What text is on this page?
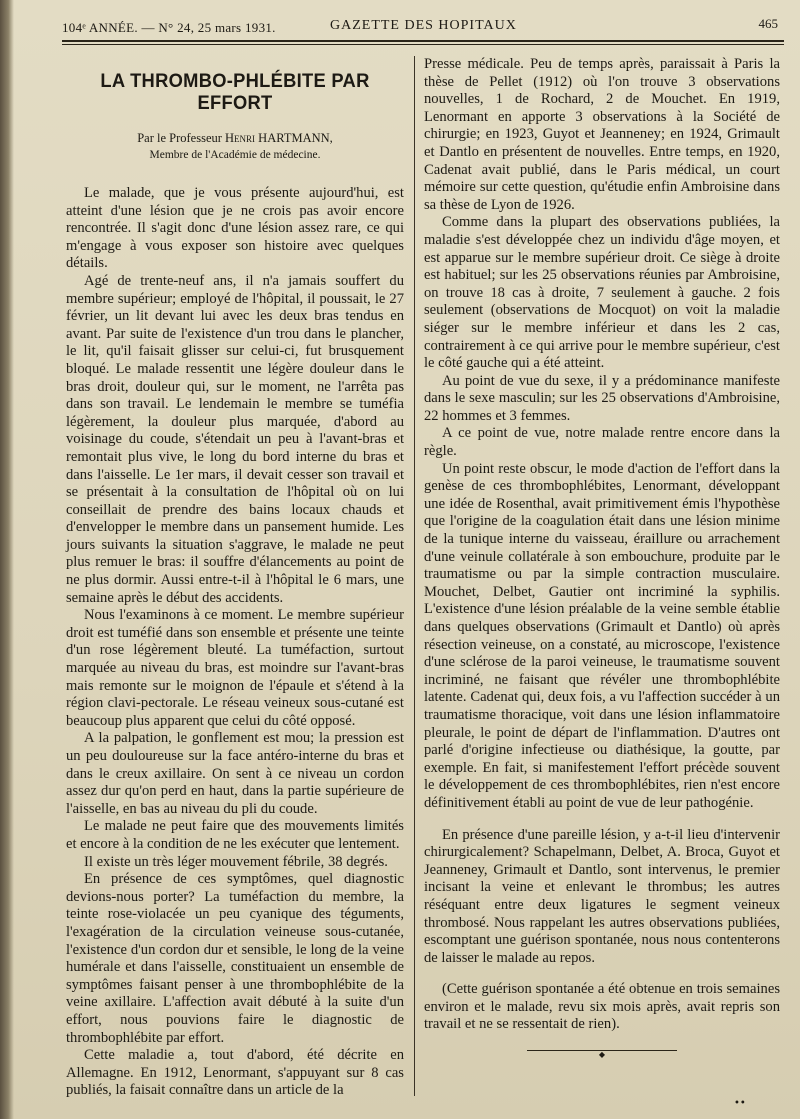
104ᵉ ANNÉE. — N° 24, 25 mars 1931.	GAZETTE DES HOPITAUX	465
LA THROMBO-PHLÉBITE PAR EFFORT

Par le Professeur Henri HARTMANN,

Membre de l'Académie de médecine.

Le malade, que je vous présente aujourd'hui, est atteint d'une lésion que je ne crois pas avoir encore rencontrée. Il s'agit donc d'une lésion assez rare, ce qui m'engage à vous exposer son histoire avec quelques détails.

Agé de trente-neuf ans, il n'a jamais souffert du membre supérieur; employé de l'hôpital, il poussait, le 27 février, un lit devant lui avec les deux bras tendus en avant. Par suite de l'existence d'un trou dans le plancher, le lit, qu'il faisait glisser sur celui-ci, fut brusquement bloqué. Le malade ressentit une légère douleur dans le bras droit, douleur qui, sur le moment, ne l'arrêta pas dans son travail. Le lendemain le membre se tuméfia légèrement, la douleur plus marquée, d'abord au voisinage du coude, s'étendait un peu à l'avant-bras et remontait plus vive, le long du bord interne du bras et dans l'aisselle. Le 1er mars, il devait cesser son travail et se présentait à la consultation de l'hôpital où on lui conseillait de prendre des bains locaux chauds et d'envelopper le membre dans un pansement humide. Les jours suivants la situation s'aggrave, le malade ne peut plus remuer le bras: il souffre d'élancements au point de ne plus dormir. Aussi entre-t-il à l'hôpital le 6 mars, une semaine après le début des accidents.

Nous l'examinons à ce moment. Le membre supérieur droit est tuméfié dans son ensemble et présente une teinte d'un rose légèrement bleuté. La tuméfaction, surtout marquée au niveau du bras, est moindre sur l'avant-bras mais remonte sur le moignon de l'épaule et s'étend à la région clavi-pectorale. Le réseau veineux sous-cutané est beaucoup plus apparent que celui du côté opposé.

A la palpation, le gonflement est mou; la pression est un peu douloureuse sur la face antéro-interne du bras et dans le creux axillaire. On sent à ce niveau un cordon assez dur qu'on perd en haut, dans la partie supérieure de l'aisselle, en bas au niveau du pli du coude.

Le malade ne peut faire que des mouvements limités et encore à la condition de ne les exécuter que lentement.

Il existe un très léger mouvement fébrile, 38 degrés.

En présence de ces symptômes, quel diagnostic devions-nous porter? La tuméfaction du membre, la teinte rose-violacée un peu cyanique des téguments, l'exagération de la circulation veineuse sous-cutanée, l'existence d'un cordon dur et sensible, le long de la veine humérale et dans l'aisselle, constituaient un ensemble de symptômes faisant penser à une thrombophlébite de la veine axillaire. L'affection avait débuté à la suite d'un effort, nous pouvions faire le diagnostic de thrombophlébite par effort.

Cette maladie a, tout d'abord, été décrite en Allemagne. En 1912, Lenormant, s'appuyant sur 8 cas publiés, la faisait connaître dans un article de la

Presse médicale. Peu de temps après, paraissait à Paris la thèse de Pellet (1912) où l'on trouve 3 observations nouvelles, 1 de Rochard, 2 de Mouchet. En 1919, Lenormant en apporte 3 observations à la Société de chirurgie; en 1923, Guyot et Jeanneney; en 1924, Grimault et Dantlo en présentent de nouvelles. Entre temps, en 1920, Cadenat avait publié, dans le Paris médical, un court mémoire sur cette question, qu'étudie enfin Ambroisine dans sa thèse de Lyon de 1926.

Comme dans la plupart des observations publiées, la maladie s'est développée chez un individu d'âge moyen, et est apparue sur le membre supérieur droit. Ce siège à droite est habituel; sur les 25 observations réunies par Ambroisine, on trouve 18 cas à droite, 7 seulement à gauche. 2 fois seulement (observations de Mocquot) on voit la maladie siéger sur le membre inférieur et dans les 2 cas, contrairement à ce qui arrive pour le membre supérieur, c'est le côté gauche qui a été atteint.

Au point de vue du sexe, il y a prédominance manifeste dans le sexe masculin; sur les 25 observations d'Ambroisine, 22 hommes et 3 femmes.

A ce point de vue, notre malade rentre encore dans la règle.

Un point reste obscur, le mode d'action de l'effort dans la genèse de ces thrombophlébites, Lenormant, développant une idée de Rosenthal, avait primitivement émis l'hypothèse que l'origine de la coagulation était dans une lésion minime de la tunique interne du vaisseau, éraillure ou arrachement d'une veinule collatérale à son embouchure, produite par le traumatisme ou par la simple contraction musculaire. Mouchet, Delbet, Gautier ont incriminé la syphilis. L'existence d'une lésion préalable de la veine semble établie dans quelques observations (Grimault et Dantlo) où après résection veineuse, on a constaté, au microscope, l'existence d'une sclérose de la paroi veineuse, le traumatisme souvent incriminé, ne faisant que révéler une thrombophlébite latente. Cadenat qui, deux fois, a vu l'affection succéder à un traumatisme thoracique, voit dans une lésion inflammatoire pleurale, le point de départ de l'inflammation. D'autres ont parlé d'origine infectieuse ou diathésique, la goutte, par exemple. En fait, si manifestement l'effort précède souvent le développement de ces thrombophlébites, rien n'est encore définitivement établi au point de vue de leur pathogénie.

En présence d'une pareille lésion, y a-t-il lieu d'intervenir chirurgicalement? Schapelmann, Delbet, A. Broca, Guyot et Jeanneney, Grimault et Dantlo, sont intervenus, le premier incisant la veine et enlevant le thrombus; les autres réséquant entre deux ligatures le segment veineux thrombosé. Nous rappelant les autres observations publiées, escomptant une guérison spontanée, nous nous contenterons de laisser le malade au repos.

(Cette guérison spontanée a été obtenue en trois semaines environ et le malade, revu six mois après, avait repris son travail et ne se ressentait de rien).

◆
••
